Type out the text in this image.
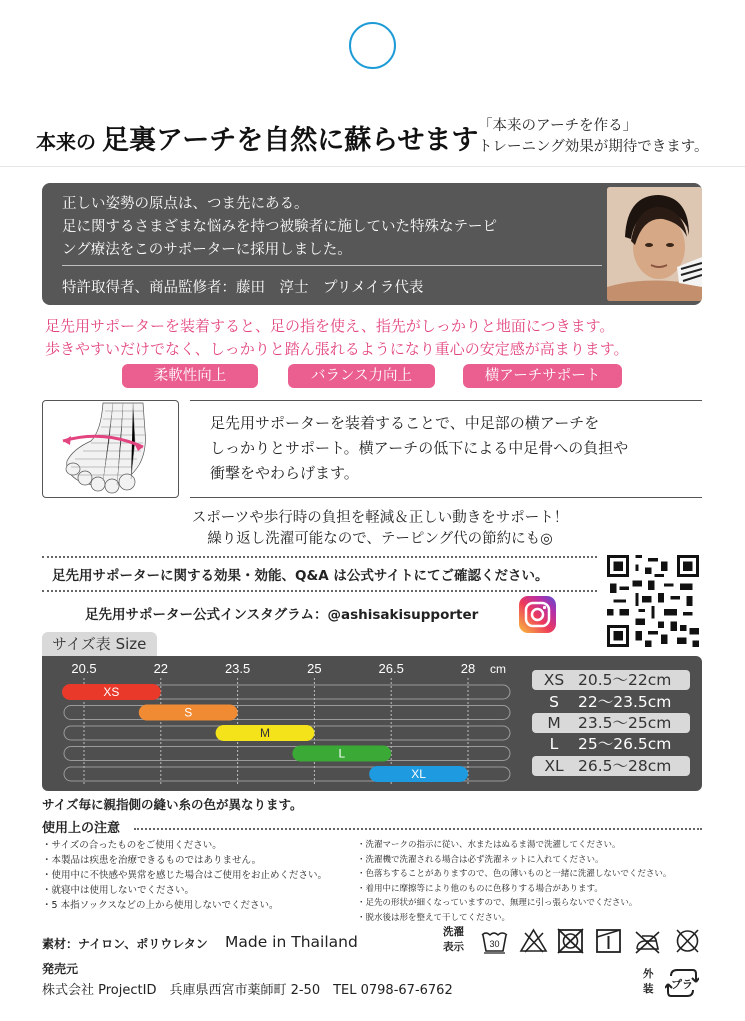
本来の 足裏アーチを自然に蘇らせます 「本来のアーチを作る」
トレーニング効果が期待できます。
正しい姿勢の原点は、つま先にある。
足に関するさまざまな悩みを持つ被験者に施していた特殊なテーピ
ング療法をこのサポーターに採用しました。
特許取得者、商品監修者：藤田　淳士　プリメイラ代表
足先用サポーターを装着すると、足の指を使え、指先がしっかりと地面につきます。
歩きやすいだけでなく、しっかりと踏ん張れるようになり重心の安定感が高まります。
柔軟性向上	バランス力向上	横アーチサポート
足先用サポーターを装着することで、中足部の横アーチを
しっかりとサポート。横アーチの低下による中足骨への負担や
衝撃をやわらげます。
スポーツや歩行時の負担を軽減＆正しい動きをサポート！
繰り返し洗濯可能なので、テーピング代の節約にも◎
足先用サポーターに関する効果・効能、Q&A は公式サイトにてご確認ください。
足先用サポーター公式インスタグラム：@ashisakisupporter
サイズ表 Size
20.5	22	23.5	25	26.5	28 cm
XS
S
M
L
XL
XS 20.5～22cm
S 22～23.5cm
M 23.5～25cm
L 25～26.5cm
XL 26.5～28cm
サイズ毎に親指側の縫い糸の色が異なります。
使用上の注意
・サイズの合ったものをご使用ください。
・本製品は疾患を治療できるものではありません。
・使用中に不快感や異常を感じた場合はご使用をお止めください。
・就寝中は使用しないでください。
・5 本指ソックスなどの上から使用しないでください。
・洗濯マークの指示に従い、水またはぬるま湯で洗濯してください。
・洗濯機で洗濯される場合は必ず洗濯ネットに入れてください。
・色落ちすることがありますので、色の薄いものと一緒に洗濯しないでください。
・着用中に摩擦等により他のものに色移りする場合があります。
・足先の形状が細くなっていますので、無理に引っ張らないでください。
・脱水後は形を整えて干してください。
素材：ナイロン、ポリウレタン Made in Thailand
洗濯
表示	30
発売元
株式会社 ProjectID　兵庫県西宮市薬師町 2-50　TEL 0798-67-6762
外
装 プラ
